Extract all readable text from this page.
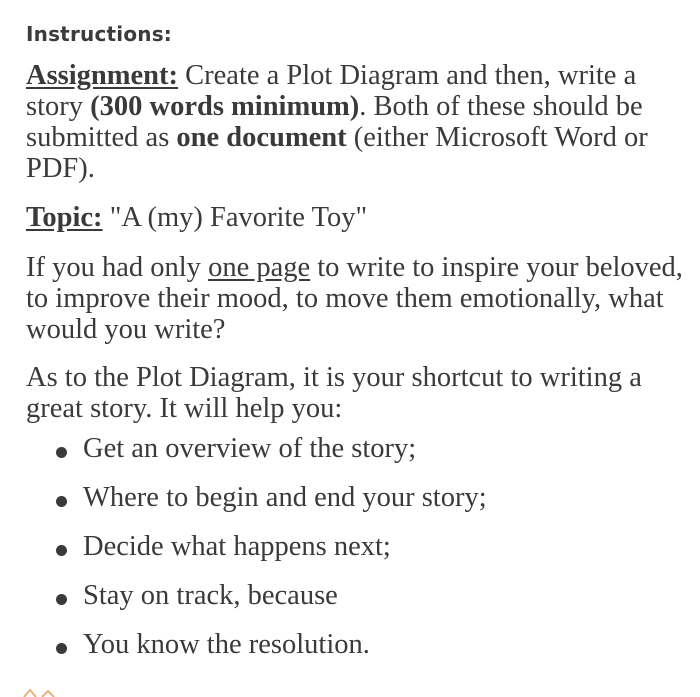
Instructions:

Assignment: Create a Plot Diagram and then, write a story (300 words minimum). Both of these should be submitted as one document (either Microsoft Word or PDF).

Topic: "A (my) Favorite Toy"

If you had only one page to write to inspire your beloved, to improve their mood, to move them emotionally, what would you write?

As to the Plot Diagram, it is your shortcut to writing a great story. It will help you:

Get an overview of the story;
Where to begin and end your story;
Decide what happens next;
Stay on track, because
You know the resolution.
